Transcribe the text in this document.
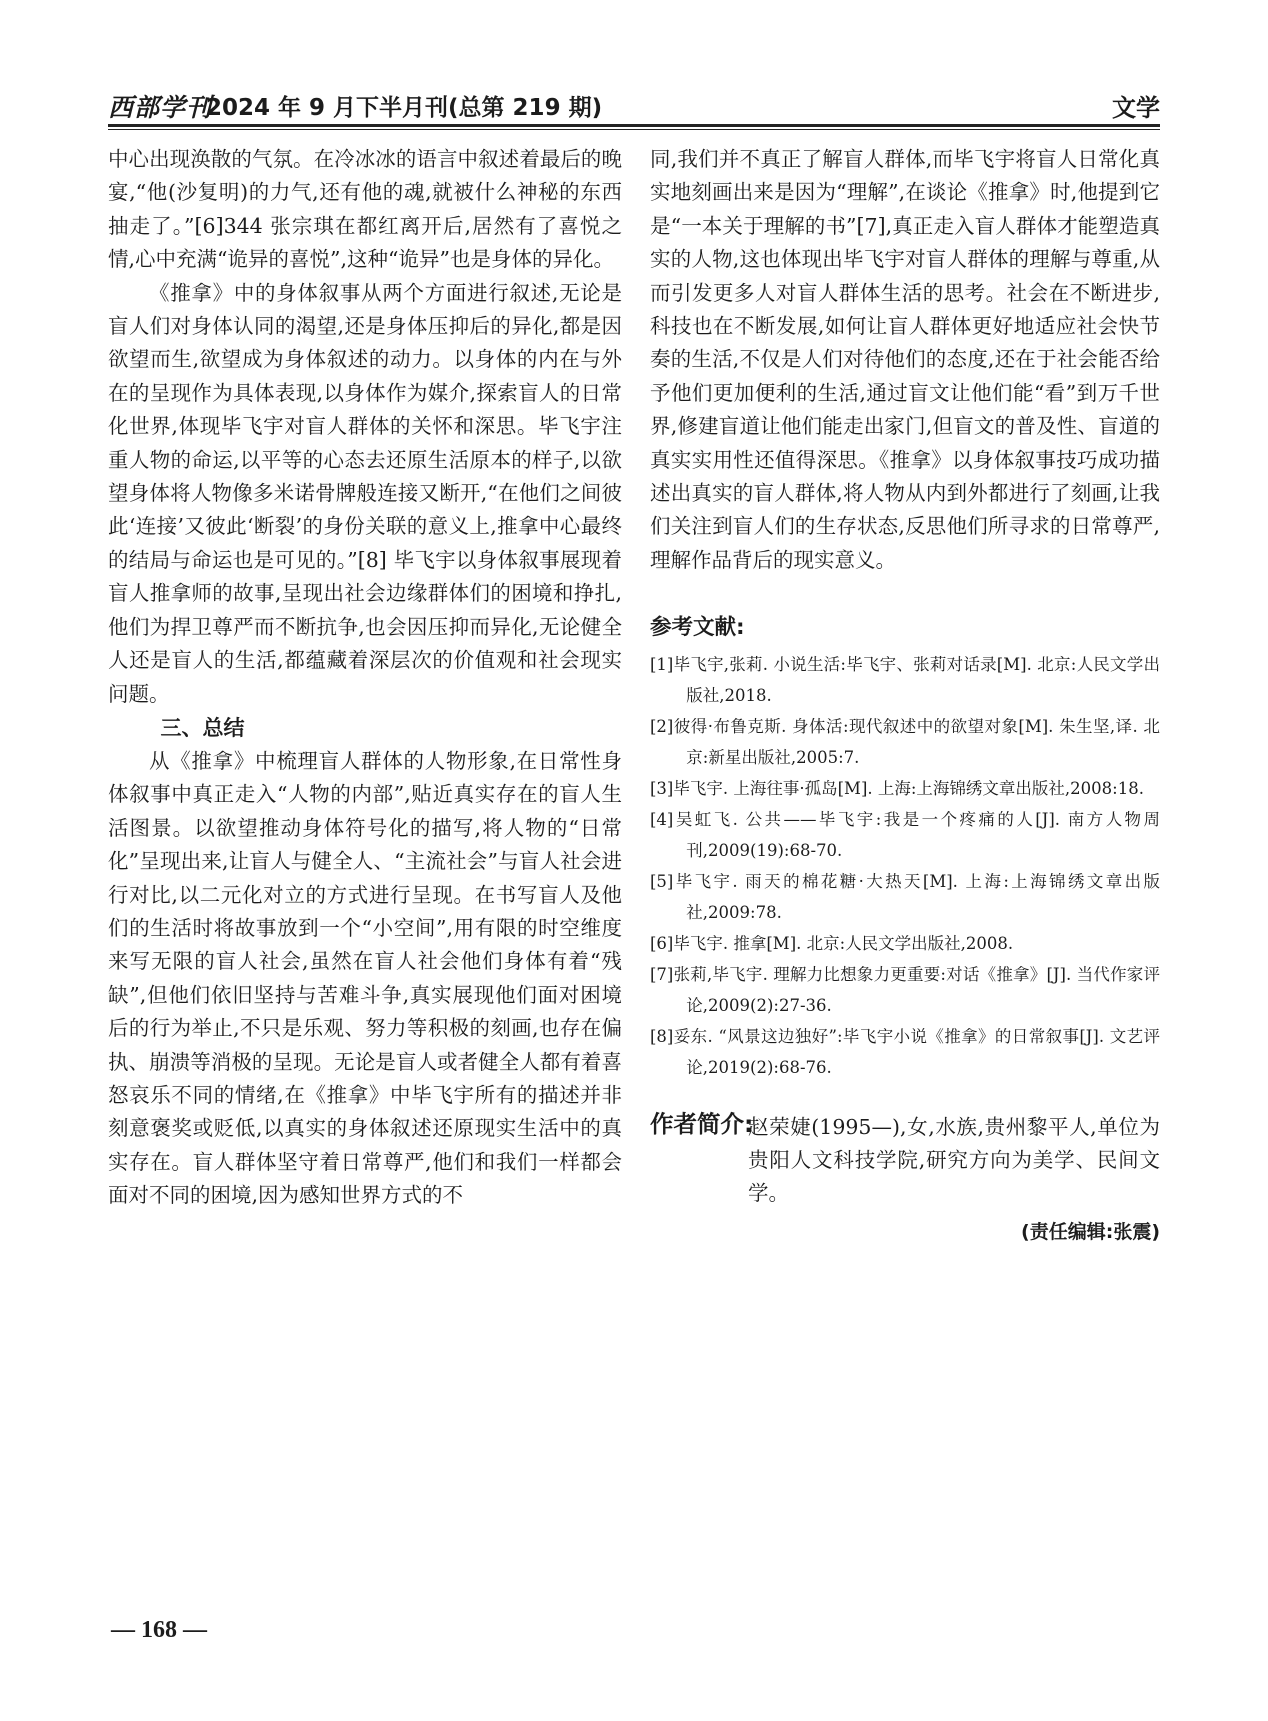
西部学刊
2024 年 9 月下半月刊(总第 219 期)	文学

中心出现涣散的气氛。在冷冰冰的语言中叙述着最后的晚宴,“他(沙复明)的力气,还有他的魂,就被什么神秘的东西抽走了。”[6]344 张宗琪在都红离开后,居然有了喜悦之情,心中充满“诡异的喜悦”,这种“诡异”也是身体的异化。

《推拿》中的身体叙事从两个方面进行叙述,无论是盲人们对身体认同的渴望,还是身体压抑后的异化,都是因欲望而生,欲望成为身体叙述的动力。以身体的内在与外在的呈现作为具体表现,以身体作为媒介,探索盲人的日常化世界,体现毕飞宇对盲人群体的关怀和深思。毕飞宇注重人物的命运,以平等的心态去还原生活原本的样子,以欲望身体将人物像多米诺骨牌般连接又断开,“在他们之间彼此‘连接’又彼此‘断裂’的身份关联的意义上,推拿中心最终的结局与命运也是可见的。”[8] 毕飞宇以身体叙事展现着盲人推拿师的故事,呈现出社会边缘群体们的困境和挣扎,他们为捍卫尊严而不断抗争,也会因压抑而异化,无论健全人还是盲人的生活,都蕴藏着深层次的价值观和社会现实问题。

三、总结

从《推拿》中梳理盲人群体的人物形象,在日常性身体叙事中真正走入“人物的内部”,贴近真实存在的盲人生活图景。以欲望推动身体符号化的描写,将人物的“日常化”呈现出来,让盲人与健全人、“主流社会”与盲人社会进行对比,以二元化对立的方式进行呈现。在书写盲人及他们的生活时将故事放到一个“小空间”,用有限的时空维度来写无限的盲人社会,虽然在盲人社会他们身体有着“残缺”,但他们依旧坚持与苦难斗争,真实展现他们面对困境后的行为举止,不只是乐观、努力等积极的刻画,也存在偏执、崩溃等消极的呈现。无论是盲人或者健全人都有着喜怒哀乐不同的情绪,在《推拿》中毕飞宇所有的描述并非刻意褒奖或贬低,以真实的身体叙述还原现实生活中的真实存在。盲人群体坚守着日常尊严,他们和我们一样都会面对不同的困境,因为感知世界方式的不

同,我们并不真正了解盲人群体,而毕飞宇将盲人日常化真实地刻画出来是因为“理解”,在谈论《推拿》时,他提到它是“一本关于理解的书”[7],真正走入盲人群体才能塑造真实的人物,这也体现出毕飞宇对盲人群体的理解与尊重,从而引发更多人对盲人群体生活的思考。社会在不断进步,科技也在不断发展,如何让盲人群体更好地适应社会快节奏的生活,不仅是人们对待他们的态度,还在于社会能否给予他们更加便利的生活,通过盲文让他们能“看”到万千世界,修建盲道让他们能走出家门,但盲文的普及性、盲道的真实实用性还值得深思。《推拿》以身体叙事技巧成功描述出真实的盲人群体,将人物从内到外都进行了刻画,让我们关注到盲人们的生存状态,反思他们所寻求的日常尊严,理解作品背后的现实意义。

参考文献:
[1]毕飞宇,张莉. 小说生活:毕飞宇、张莉对话录[M]. 北京:人民文学出版社,2018.
[2]彼得·布鲁克斯. 身体活:现代叙述中的欲望对象[M]. 朱生坚,译. 北京:新星出版社,2005:7.
[3]毕飞宇. 上海往事·孤岛[M]. 上海:上海锦绣文章出版社,2008:18.
[4]吴虹飞. 公共——毕飞宇:我是一个疼痛的人[J]. 南方人物周刊,2009(19):68-70.
[5]毕飞宇. 雨天的棉花糖·大热天[M]. 上海:上海锦绣文章出版社,2009:78.
[6]毕飞宇. 推拿[M]. 北京:人民文学出版社,2008.
[7]张莉,毕飞宇. 理解力比想象力更重要:对话《推拿》[J]. 当代作家评论,2009(2):27-36.
[8]妥东. “风景这边独好”:毕飞宇小说《推拿》的日常叙事[J]. 文艺评论,2019(2):68-76.
作者简介:
赵荣婕(1995—),女,水族,贵州黎平人,单位为贵阳人文科技学院,研究方向为美学、民间文学。
(责任编辑:张震)
— 168 —
